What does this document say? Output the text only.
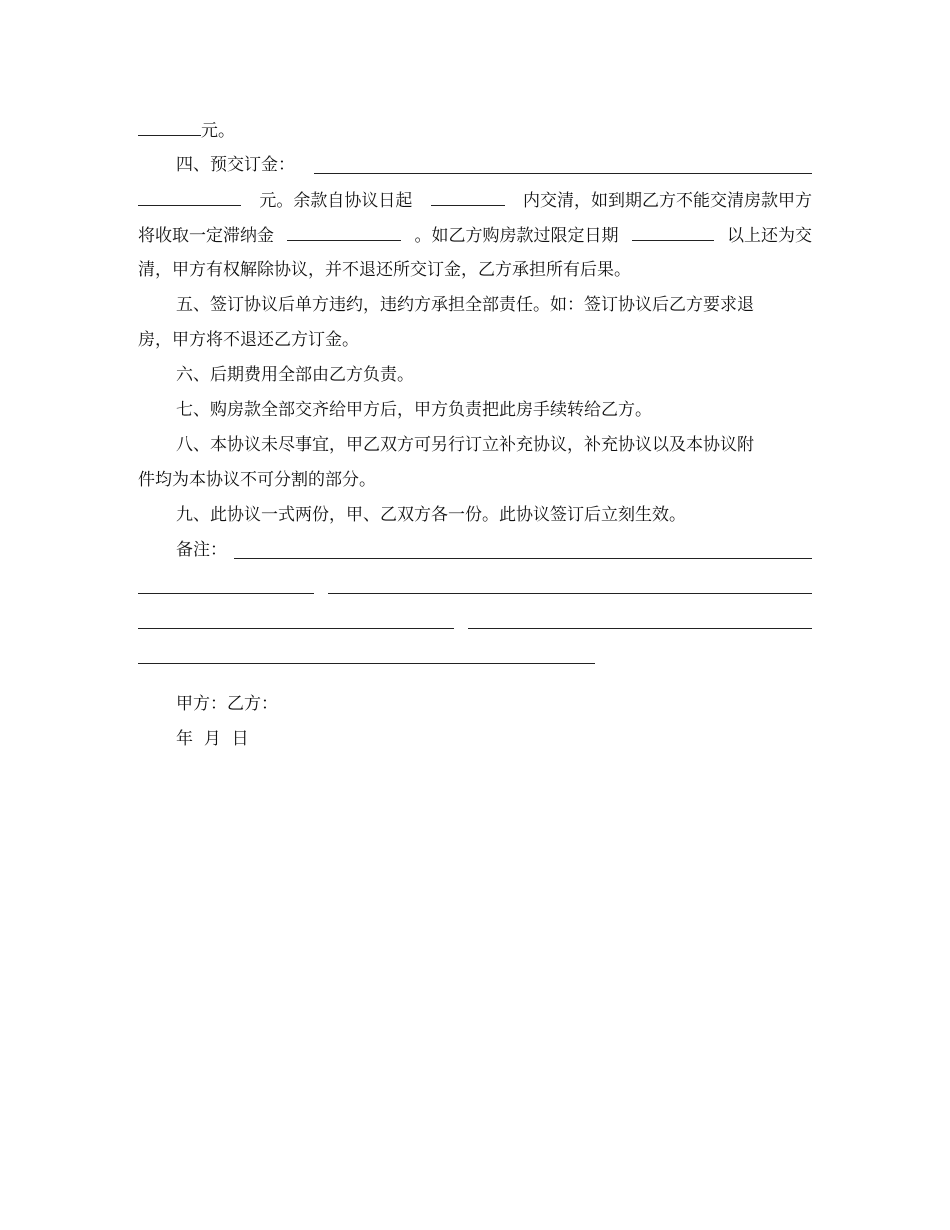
元。
四、预交订金：
元。余款自协议日起	内交清，如到期乙方不能交清房款甲方
将收取一定滞纳金	。如乙方购房款过限定日期	以上还为交
清，甲方有权解除协议，并不退还所交订金，乙方承担所有后果。
五、签订协议后单方违约，违约方承担全部责任。如：签订协议后乙方要求退
房，甲方将不退还乙方订金。
六、后期费用全部由乙方负责。
七、购房款全部交齐给甲方后，甲方负责把此房手续转给乙方。
八、本协议未尽事宜，甲乙双方可另行订立补充协议，补充协议以及本协议附
件均为本协议不可分割的部分。
九、此协议一式两份，甲、乙双方各一份。此协议签订后立刻生效。
备注：
甲方：乙方：
年 月 日
